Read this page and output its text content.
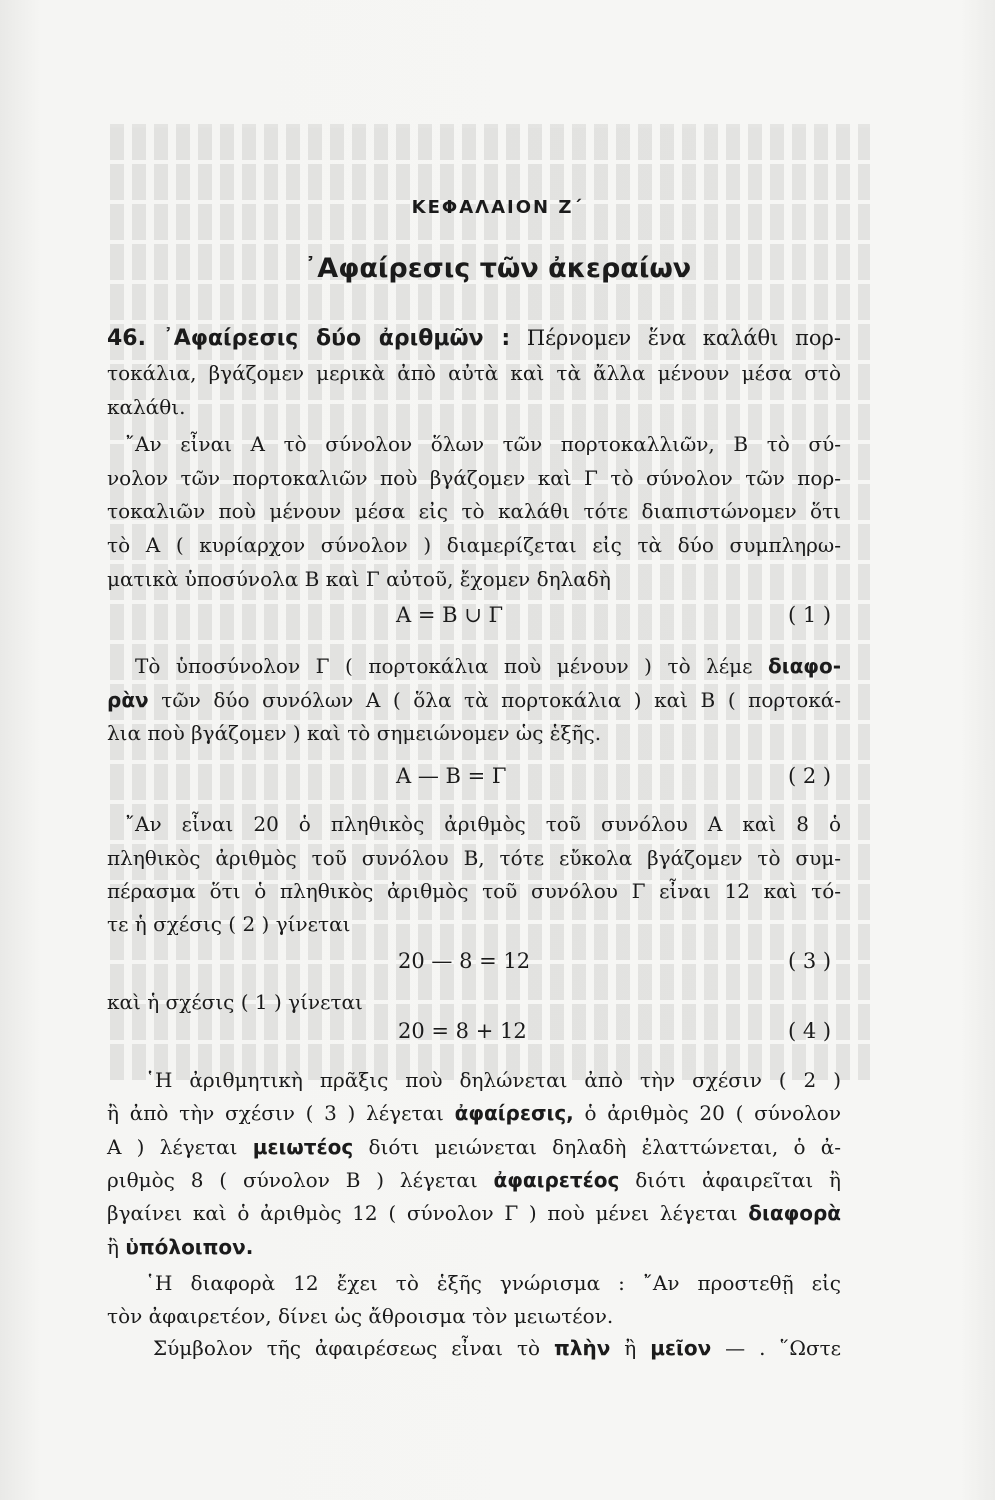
ΚΕΦΑΛΑΙΟΝ Ζ΄
᾿Αφαίρεσις τῶν ἀκεραίων
46. ᾿Αφαίρεσις δύο ἀριθμῶν : Πέρνομεν ἕνα καλάθι πορ-
τοκάλια, βγάζομεν μερικὰ ἀπὸ αὐτὰ καὶ τὰ ἄλλα μένουν μέσα στὸ
καλάθι.
῎Αν εἶναι Α τὸ σύνολον ὅλων τῶν πορτοκαλλιῶν, Β τὸ σύ-
νολον τῶν πορτοκαλιῶν ποὺ βγάζομεν καὶ Γ τὸ σύνολον τῶν πορ-
τοκαλιῶν ποὺ μένουν μέσα εἰς τὸ καλάθι τότε διαπιστώνομεν ὅτι
τὸ Α ( κυρίαρχον σύνολον ) διαμερίζεται εἰς τὰ δύο συμπληρω-
ματικὰ ὑποσύνολα Β καὶ Γ αὐτοῦ, ἔχομεν δηλαδὴ
Α = Β ∪ Γ	( 1 )
Τὸ ὑποσύνολον Γ ( πορτοκάλια ποὺ μένουν ) τὸ λέμε διαφο-
ρὰν τῶν δύο συνόλων Α ( ὅλα τὰ πορτοκάλια ) καὶ Β ( πορτοκά-
λια ποὺ βγάζομεν ) καὶ τὸ σημειώνομεν ὡς ἑξῆς.
Α — Β = Γ	( 2 )
῎Αν εἶναι 20 ὁ πληθικὸς ἀριθμὸς τοῦ συνόλου Α καὶ 8 ὁ
πληθικὸς ἀριθμὸς τοῦ συνόλου Β, τότε εὔκολα βγάζομεν τὸ συμ-
πέρασμα ὅτι ὁ πληθικὸς ἀριθμὸς τοῦ συνόλου Γ εἶναι 12 καὶ τό-
τε ἡ σχέσις ( 2 ) γίνεται
20 — 8 = 12	( 3 )
καὶ ἡ σχέσις ( 1 ) γίνεται
20 = 8 + 12	( 4 )
῾Η ἀριθμητικὴ πρᾶξις ποὺ δηλώνεται ἀπὸ τὴν σχέσιν ( 2 )
ἢ ἀπὸ τὴν σχέσιν ( 3 ) λέγεται ἀφαίρεσις, ὁ ἀριθμὸς 20 ( σύνολον
Α ) λέγεται μειωτέος διότι μειώνεται δηλαδὴ ἐλαττώνεται, ὁ ἀ-
ριθμὸς 8 ( σύνολον Β ) λέγεται ἀφαιρετέος διότι ἀφαιρεῖται ἢ
βγαίνει καὶ ὁ ἀριθμὸς 12 ( σύνολον Γ ) ποὺ μένει λέγεται διαφορὰ
ἢ ὑπόλοιπον.
῾Η διαφορὰ 12 ἔχει τὸ ἑξῆς γνώρισμα : ῎Αν προστεθῇ εἰς
τὸν ἀφαιρετέον, δίνει ὡς ἄθροισμα τὸν μειωτέον.
Σύμβολον τῆς ἀφαιρέσεως εἶναι τὸ πλὴν ἢ μεῖον — . ῞Ωστε
